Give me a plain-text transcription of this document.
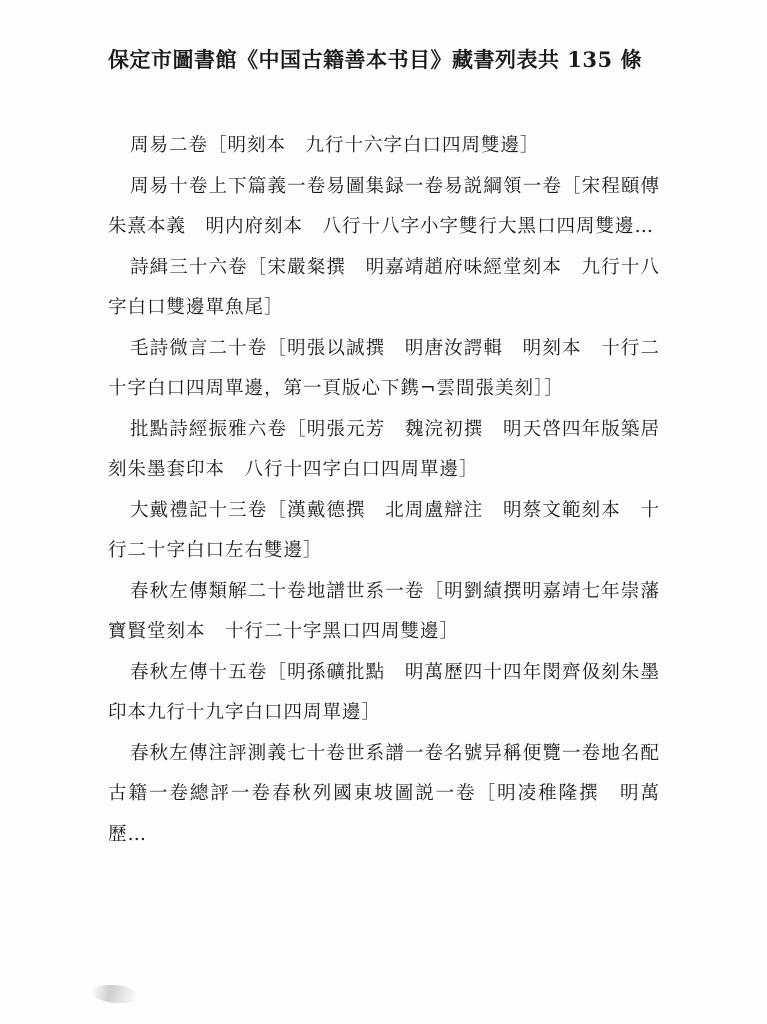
保定市圖書館《中国古籍善本书目》藏書列表共 135 條
周易二卷［明刻本　九行十六字白口四周雙邊］
周易十卷上下篇義一卷易圖集録一卷易説綱領一卷［宋程頤傳朱熹本義　明内府刻本　八行十八字小字雙行大黑口四周雙邊…
詩緝三十六卷［宋嚴粲撰　明嘉靖趙府味經堂刻本　九行十八字白口雙邊單魚尾］
毛詩微言二十卷［明張以誠撰　明唐汝諤輯　明刻本　十行二十字白口四周單邊，第一頁版心下鎸¬雲間張美刻］］
批點詩經振雅六卷［明張元芳　魏浣初撰　明天啓四年版築居刻朱墨套印本　八行十四字白口四周單邊］
大戴禮記十三卷［漢戴德撰　北周盧辯注　明蔡文範刻本　十行二十字白口左右雙邊］
春秋左傳類解二十卷地譜世系一卷［明劉績撰明嘉靖七年崇藩寶賢堂刻本　十行二十字黑口四周雙邊］
春秋左傳十五卷［明孫礦批點　明萬歷四十四年閔齊伋刻朱墨印本九行十九字白口四周單邊］
春秋左傳注評測義七十卷世系譜一卷名號异稱便覽一卷地名配古籍一卷總評一卷春秋列國東坡圖説一卷［明凌稚隆撰　明萬歷…
